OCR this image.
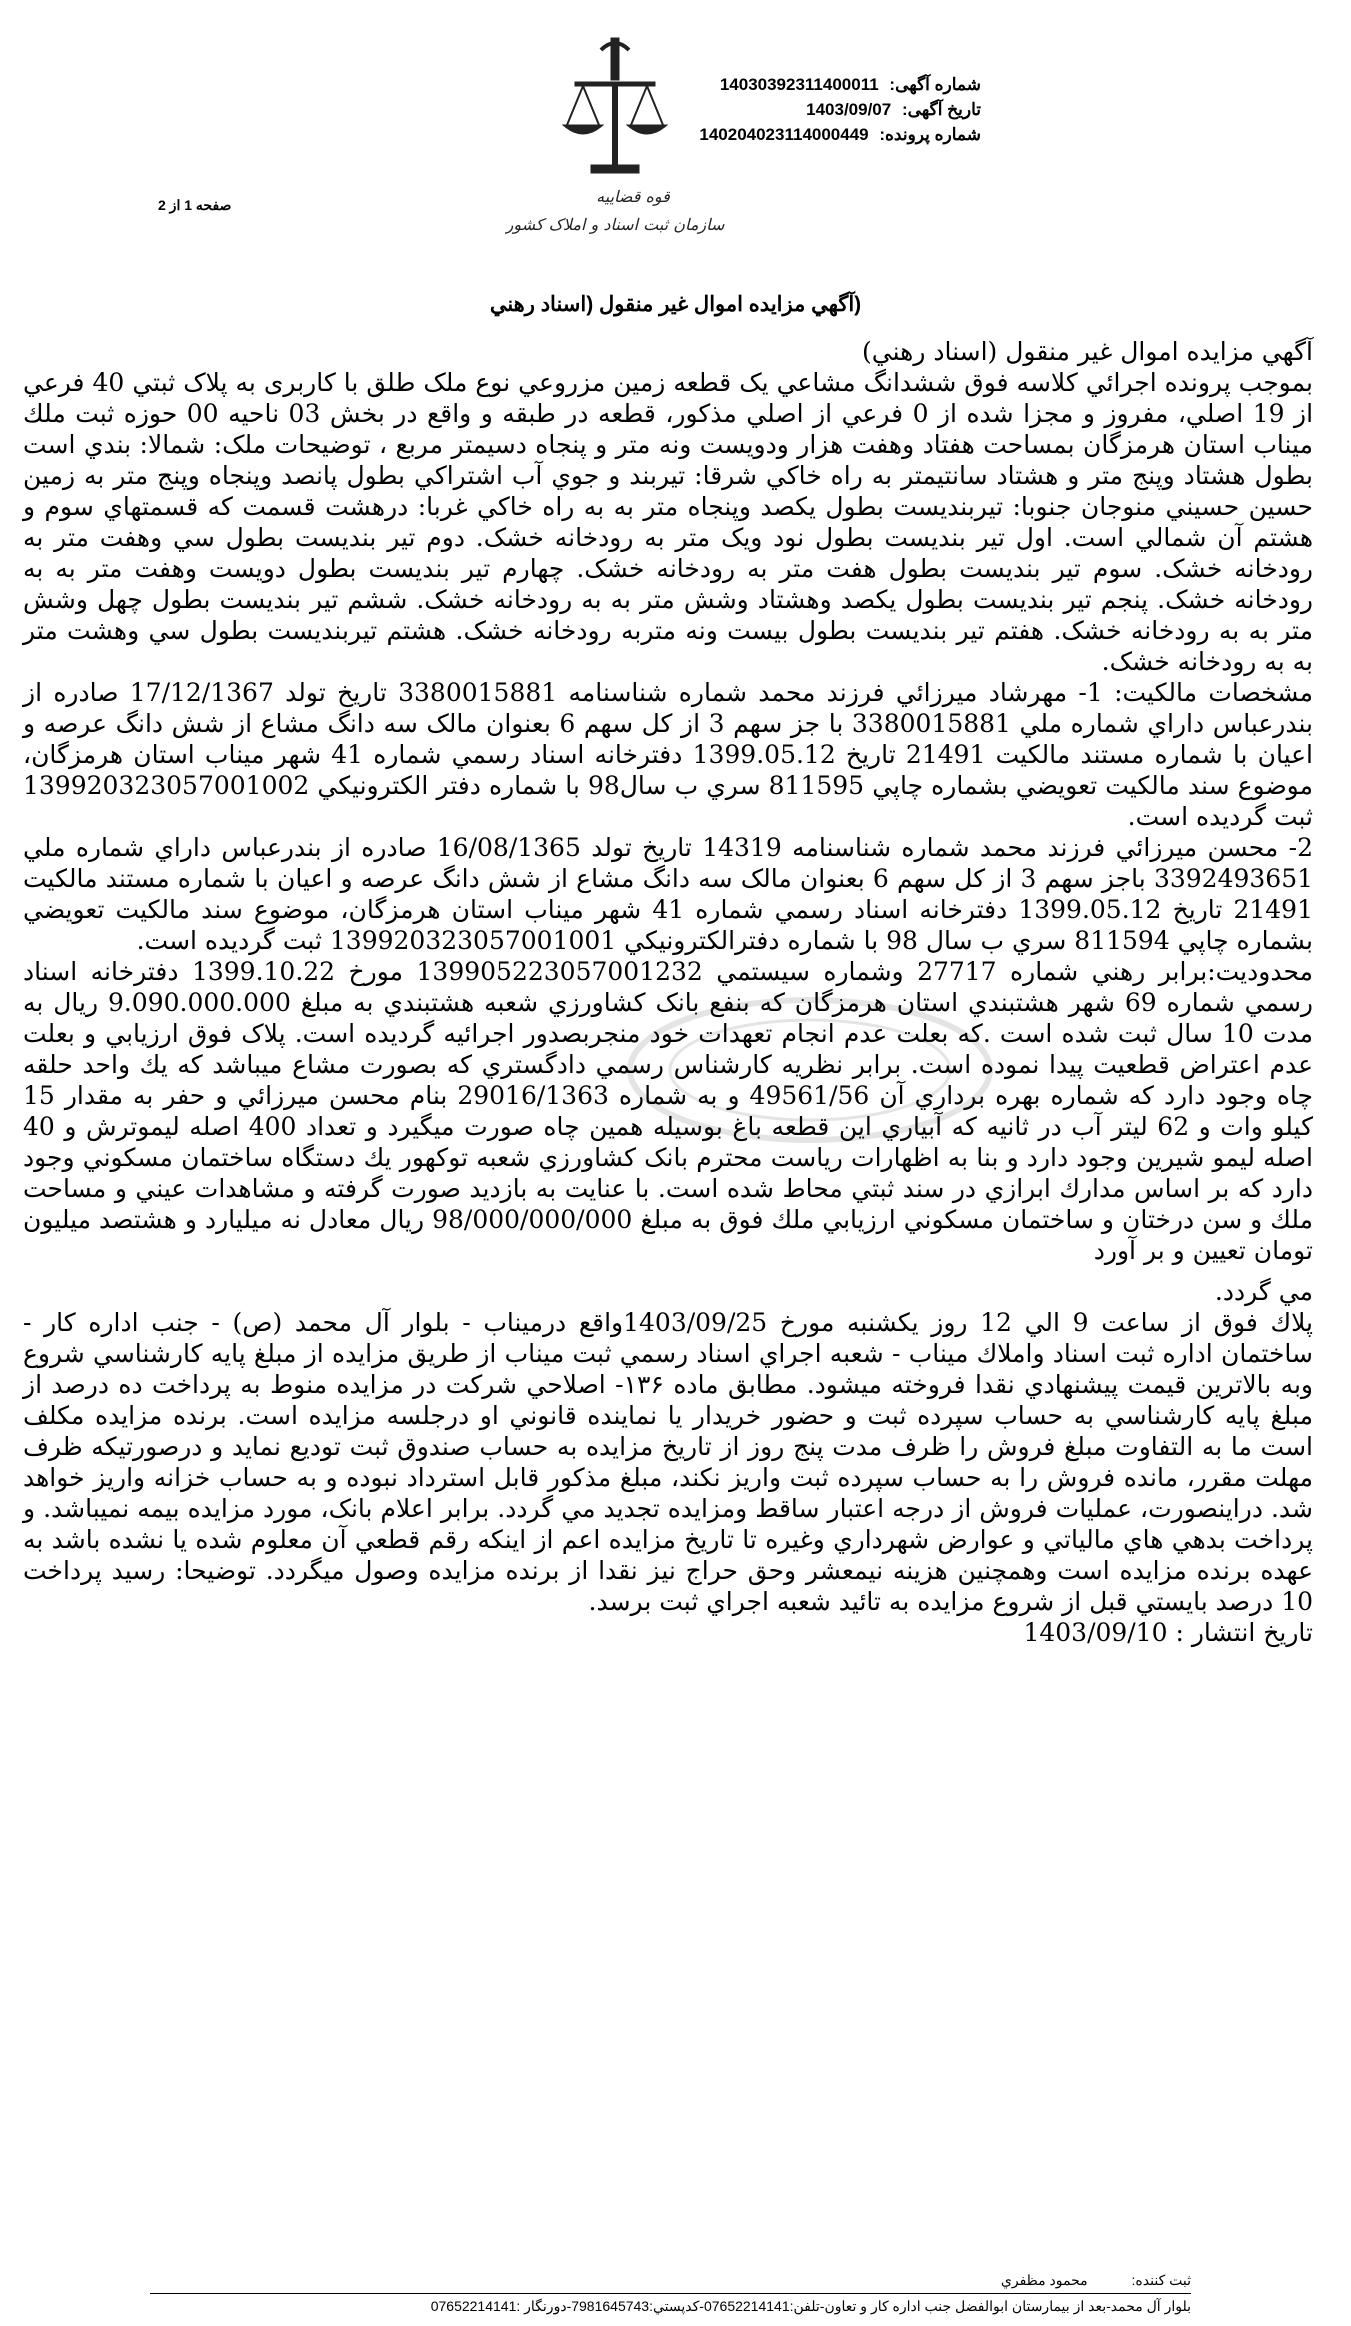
شماره آگهی: 14030392311400011
تاریخ آگهی: 1403/09/07
شماره پرونده: 140204023114000449
قوه قضاییه
سازمان ثبت اسناد و املاک کشور
صفحه 1 از 2
(آگهي مزايده اموال غير منقول (اسناد رهني

آگهي مزايده اموال غير منقول (اسناد رهني)

بموجب پرونده اجرائي کلاسه فوق ششدانگ مشاعي يک قطعه زمين مزروعي نوع ملک طلق با کاربری به پلاک ثبتي 40 فرعي از 19 اصلي، مفروز و مجزا شده از 0 فرعي از اصلي مذکور، قطعه در طبقه و واقع در بخش 03 ناحيه 00 حوزه ثبت ملك ميناب استان هرمزگان بمساحت هفتاد وهفت هزار ودويست ونه متر و پنجاه دسيمتر مربع ، توضيحات ملک: شمالا: بندي است بطول هشتاد وپنج متر و هشتاد سانتيمتر به راه خاكي شرقا: تيربند و جوي آب اشتراكي بطول پانصد وپنجاه وپنج متر به زمين حسين حسيني منوجان جنوبا: تيربنديست بطول يكصد وپنجاه متر به به راه خاكي غربا: درهشت قسمت كه قسمتهاي سوم و هشتم آن شمالي است. اول تير بنديست بطول نود ويک متر به رودخانه خشک. دوم تير بنديست بطول سي وهفت متر به رودخانه خشک. سوم تير بنديست بطول هفت متر به رودخانه خشک. چهارم تير بنديست بطول دويست وهفت متر به به رودخانه خشک. پنجم تير بنديست بطول يكصد وهشتاد وشش متر به به رودخانه خشک. ششم تير بنديست بطول چهل وشش متر به به رودخانه خشک. هفتم تير بنديست بطول بيست ونه متربه رودخانه خشک. هشتم تيربنديست بطول سي وهشت متر به به رودخانه خشک.

مشخصات مالكيت: 1- مهرشاد ميرزائي فرزند محمد شماره شناسنامه 3380015881 تاريخ تولد 17/12/1367 صادره از بندرعباس داراي شماره ملي 3380015881 با جز سهم 3 از كل سهم 6 بعنوان مالک سه دانگ مشاع از شش دانگ عرصه و اعيان با شماره مستند مالكيت 21491 تاريخ 1399.05.12 دفترخانه اسناد رسمي شماره 41 شهر ميناب استان هرمزگان، موضوع سند مالكيت تعويضي بشماره چاپي 811595 سري ب سال98 با شماره دفتر الكترونيكي 139920323057001002 ثبت گرديده است.

2- محسن ميرزائي فرزند محمد شماره شناسنامه 14319 تاريخ تولد 16/08/1365 صادره از بندرعباس داراي شماره ملي 3392493651 باجز سهم 3 از كل سهم 6 بعنوان مالک سه دانگ مشاع از شش دانگ عرصه و اعيان با شماره مستند مالكيت 21491 تاريخ 1399.05.12 دفترخانه اسناد رسمي شماره 41 شهر ميناب استان هرمزگان، موضوع سند مالكيت تعويضي بشماره چاپي 811594 سري ب سال 98 با شماره دفترالكترونيكي 139920323057001001 ثبت گرديده است.

محدوديت:برابر رهني شماره 27717 وشماره سيستمي 139905223057001232 مورخ 1399.10.22 دفترخانه اسناد رسمي شماره 69 شهر هشتبندي استان هرمزگان كه بنفع بانک كشاورزي شعبه هشتبندي به مبلغ 9.090.000.000 ريال به مدت 10 سال ثبت شده است .که بعلت عدم انجام تعهدات خود منجربصدور اجرائيه گرديده است. پلاک فوق ارزيابي و بعلت عدم اعتراض قطعيت پيدا نموده است. برابر نظريه كارشناس رسمي دادگستري كه بصورت مشاع ميباشد كه يك واحد حلقه چاه وجود دارد كه شماره بهره برداري آن 49561/56 و به شماره 29016/1363 بنام محسن ميرزائي و حفر به مقدار 15 كيلو وات و 62 ليتر آب در ثانيه كه آبياري اين قطعه باغ بوسيله همين چاه صورت ميگيرد و تعداد 400 اصله ليموترش و 40 اصله ليمو شيرين وجود دارد و بنا به اظهارات رياست محترم بانک كشاورزي شعبه توكهور يك دستگاه ساختمان مسكوني وجود دارد كه بر اساس مدارك ابرازي در سند ثبتي محاط شده است. با عنايت به بازديد صورت گرفته و مشاهدات عيني و مساحت ملك و سن درختان و ساختمان مسكوني ارزيابي ملك فوق به مبلغ 98/000/000/000 ريال معادل نه ميليارد و هشتصد ميليون تومان تعيين و بر آورد

مي گردد.

پلاك فوق از ساعت 9 الي 12 روز يكشنبه مورخ 1403/09/25واقع درميناب - بلوار آل محمد (ص) - جنب اداره كار - ساختمان اداره ثبت اسناد واملاك ميناب - شعبه اجراي اسناد رسمي ثبت ميناب از طريق مزايده از مبلغ پايه كارشناسي شروع وبه بالاترين قيمت پيشنهادي نقدا فروخته ميشود. مطابق ماده ۱۳۶- اصلاحي شركت در مزايده منوط به پرداخت ده درصد از مبلغ پايه كارشناسي به حساب سپرده ثبت و حضور خريدار يا نماينده قانوني او درجلسه مزايده است. برنده مزايده مكلف است ما به التفاوت مبلغ فروش را ظرف مدت پنج روز از تاريخ مزايده به حساب صندوق ثبت توديع نمايد و درصورتيكه ظرف مهلت مقرر، مانده فروش را به حساب سپرده ثبت واريز نكند، مبلغ مذكور قابل استرداد نبوده و به حساب خزانه واريز خواهد شد. دراينصورت، عمليات فروش از درجه اعتبار ساقط ومزايده تجديد مي گردد. برابر اعلام بانک، مورد مزايده بيمه نميباشد. و پرداخت بدهي هاي مالياتي و عوارض شهرداري وغيره تا تاريخ مزايده اعم از اينكه رقم قطعي آن معلوم شده يا نشده باشد به عهده برنده مزايده است وهمچنين هزينه نيمعشر وحق حراج نيز نقدا از برنده مزايده وصول ميگردد. توضيحا: رسيد پرداخت 10 درصد بايستي قبل از شروع مزايده به تائيد شعبه اجراي ثبت برسد.

تاريخ انتشار : 1403/09/10

ثبت كننده: محمود مظفري
بلوار آل محمد-بعد از بيمارستان ابوالفضل جنب اداره كار و تعاون-تلفن:07652214141-كدپستي:7981645743-دورنگار :07652214141
